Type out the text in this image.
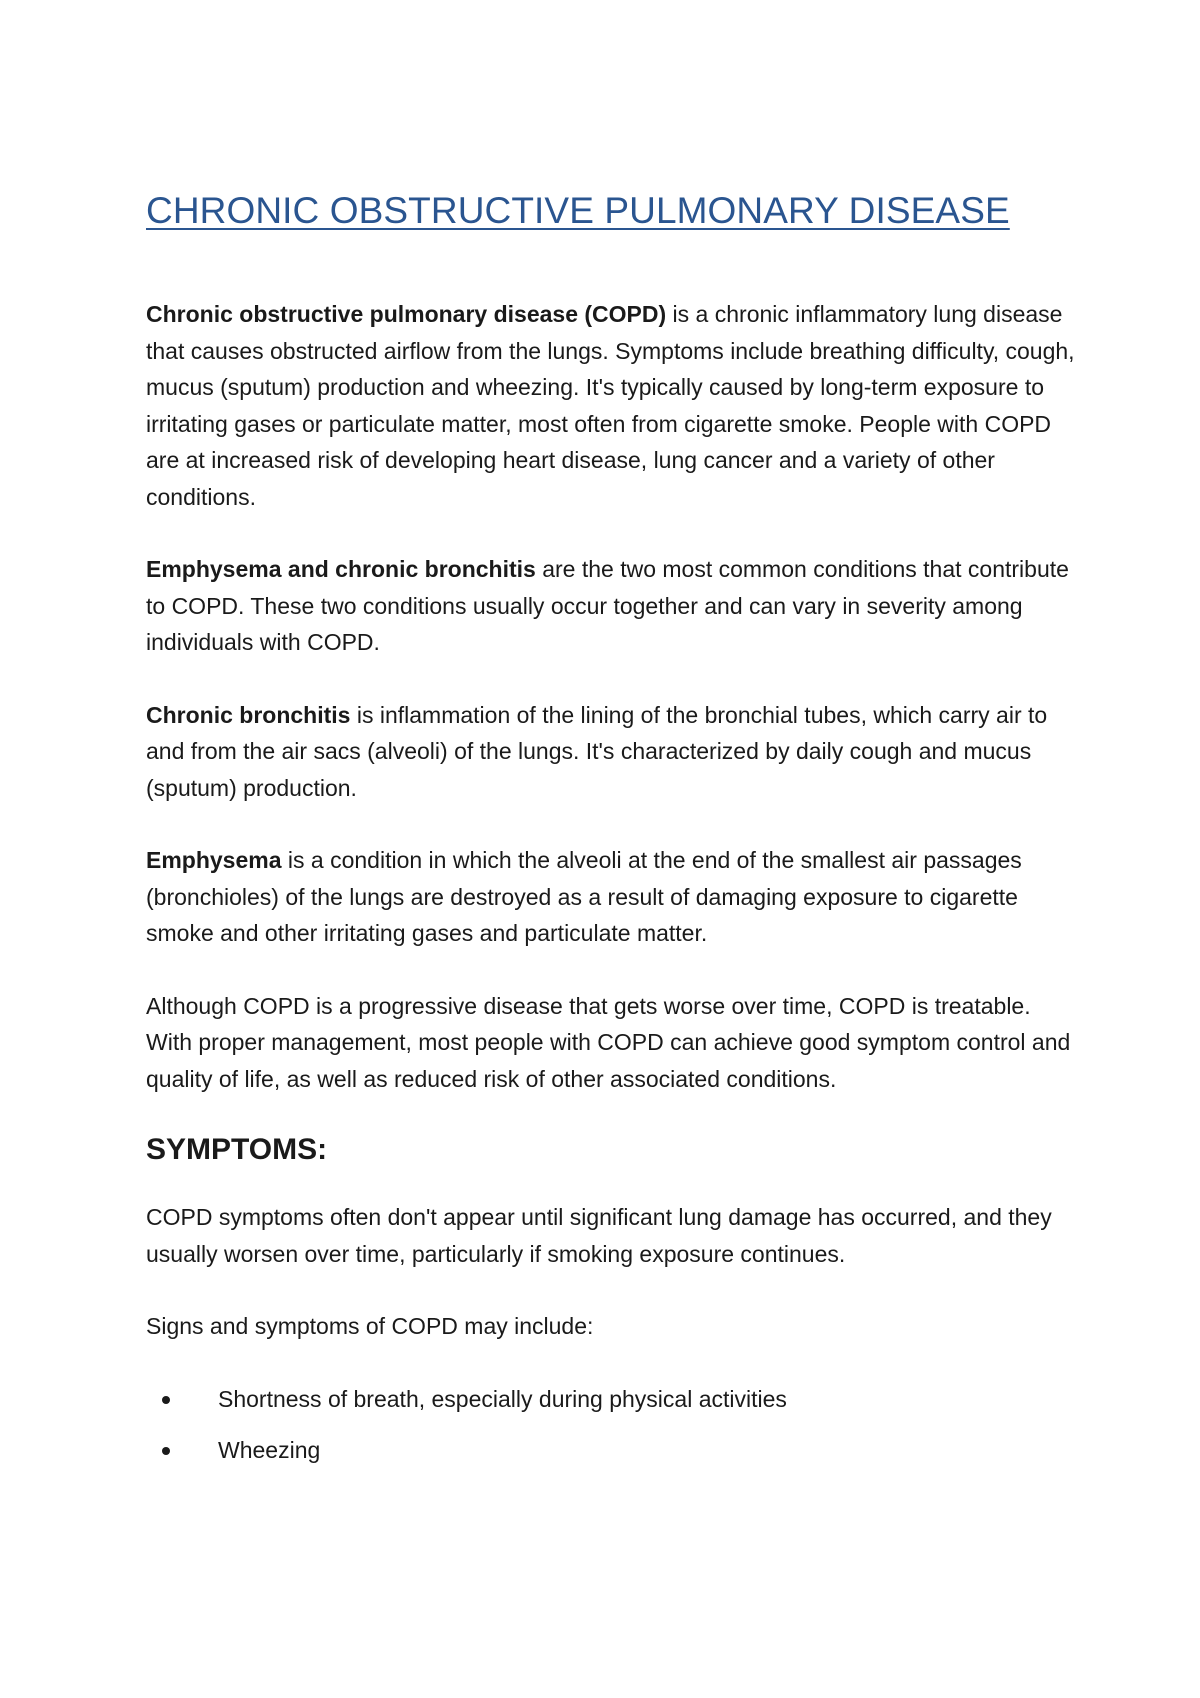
CHRONIC OBSTRUCTIVE PULMONARY DISEASE

Chronic obstructive pulmonary disease (COPD) is a chronic inflammatory lung disease that causes obstructed airflow from the lungs. Symptoms include breathing difficulty, cough, mucus (sputum) production and wheezing. It's typically caused by long-term exposure to irritating gases or particulate matter, most often from cigarette smoke. People with COPD are at increased risk of developing heart disease, lung cancer and a variety of other conditions.

Emphysema and chronic bronchitis are the two most common conditions that contribute to COPD. These two conditions usually occur together and can vary in severity among individuals with COPD.

Chronic bronchitis is inflammation of the lining of the bronchial tubes, which carry air to and from the air sacs (alveoli) of the lungs. It's characterized by daily cough and mucus (sputum) production.

Emphysema is a condition in which the alveoli at the end of the smallest air passages (bronchioles) of the lungs are destroyed as a result of damaging exposure to cigarette smoke and other irritating gases and particulate matter.

Although COPD is a progressive disease that gets worse over time, COPD is treatable. With proper management, most people with COPD can achieve good symptom control and quality of life, as well as reduced risk of other associated conditions.

SYMPTOMS:

COPD symptoms often don't appear until significant lung damage has occurred, and they usually worsen over time, particularly if smoking exposure continues.

Signs and symptoms of COPD may include:

Shortness of breath, especially during physical activities
Wheezing
